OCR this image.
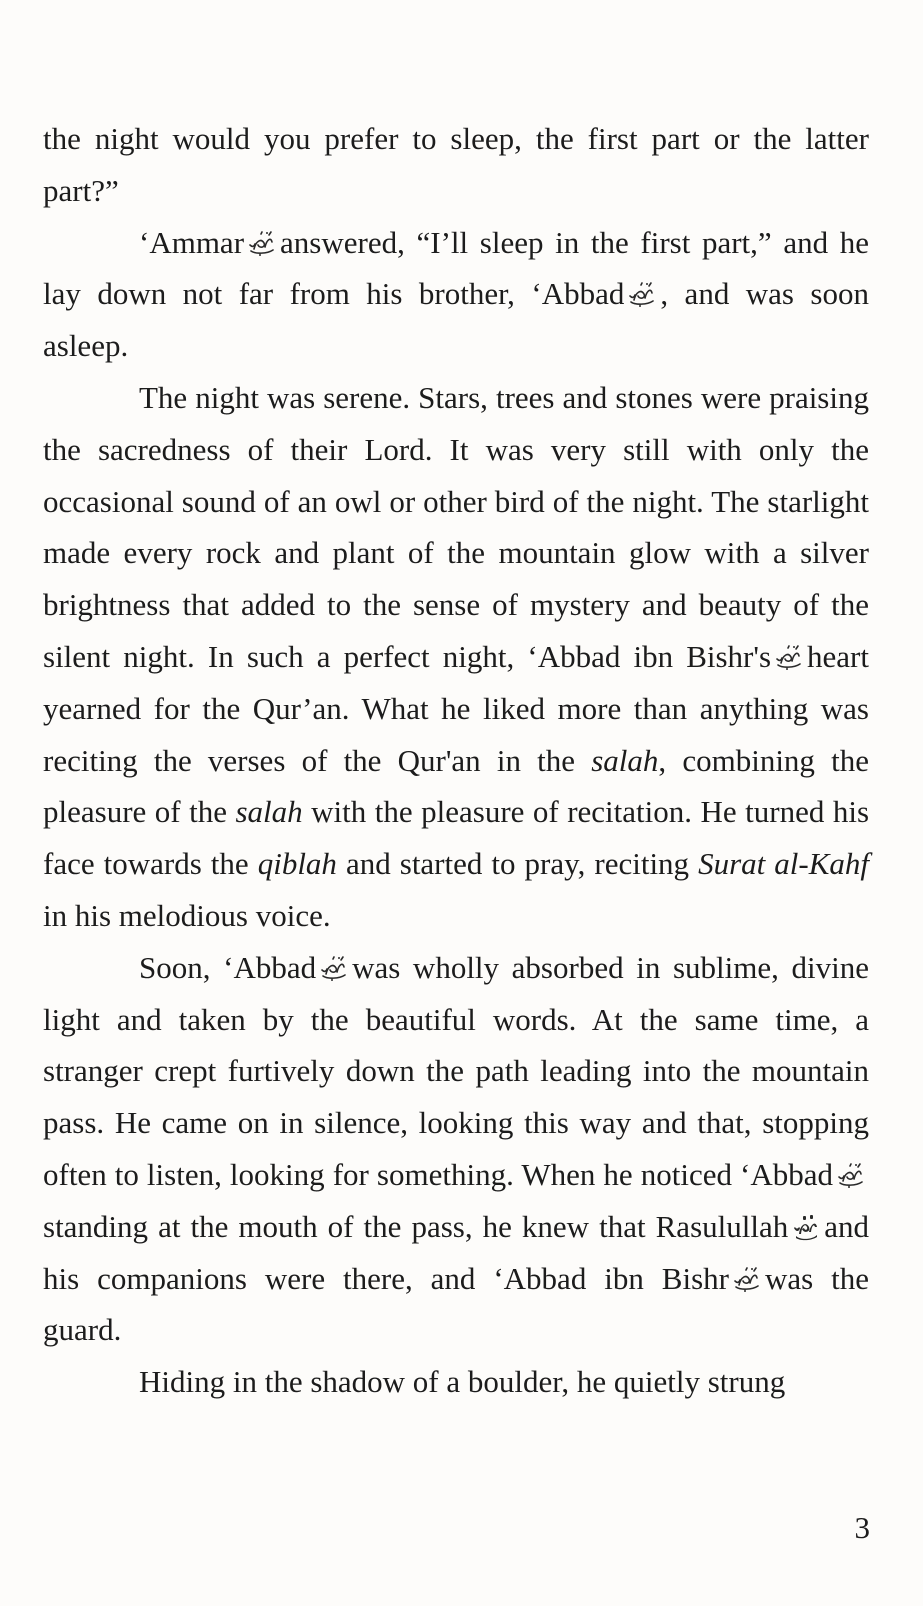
the night would you prefer to sleep, the first part or the latter part?”

‘Ammar answered, “I’ll sleep in the first part,” and he lay down not far from his brother, ‘Abbad , and was soon asleep.

The night was serene. Stars, trees and stones were praising the sacredness of their Lord. It was very still with only the occasional sound of an owl or other bird of the night. The starlight made every rock and plant of the mountain glow with a silver brightness that added to the sense of mystery and beauty of the silent night. In such a perfect night, ‘Abbad ibn Bishr's heart yearned for the Qur’an. What he liked more than anything was reciting the verses of the Qur'an in the salah, combining the pleasure of the salah with the pleasure of recitation. He turned his face towards the qiblah and started to pray, reciting Surat al-Kahf in his melodious voice.

Soon, ‘Abbad was wholly absorbed in sublime, divine light and taken by the beautiful words. At the same time, a stranger crept furtively down the path leading into the mountain pass. He came on in silence, looking this way and that, stopping often to listen, looking for something. When he noticed ‘Abbad
standing at the mouth of the pass, he knew that Rasulullah and his companions were there, and ‘Abbad ibn Bishr was the guard.

Hiding in the shadow of a boulder, he quietly strung

3
